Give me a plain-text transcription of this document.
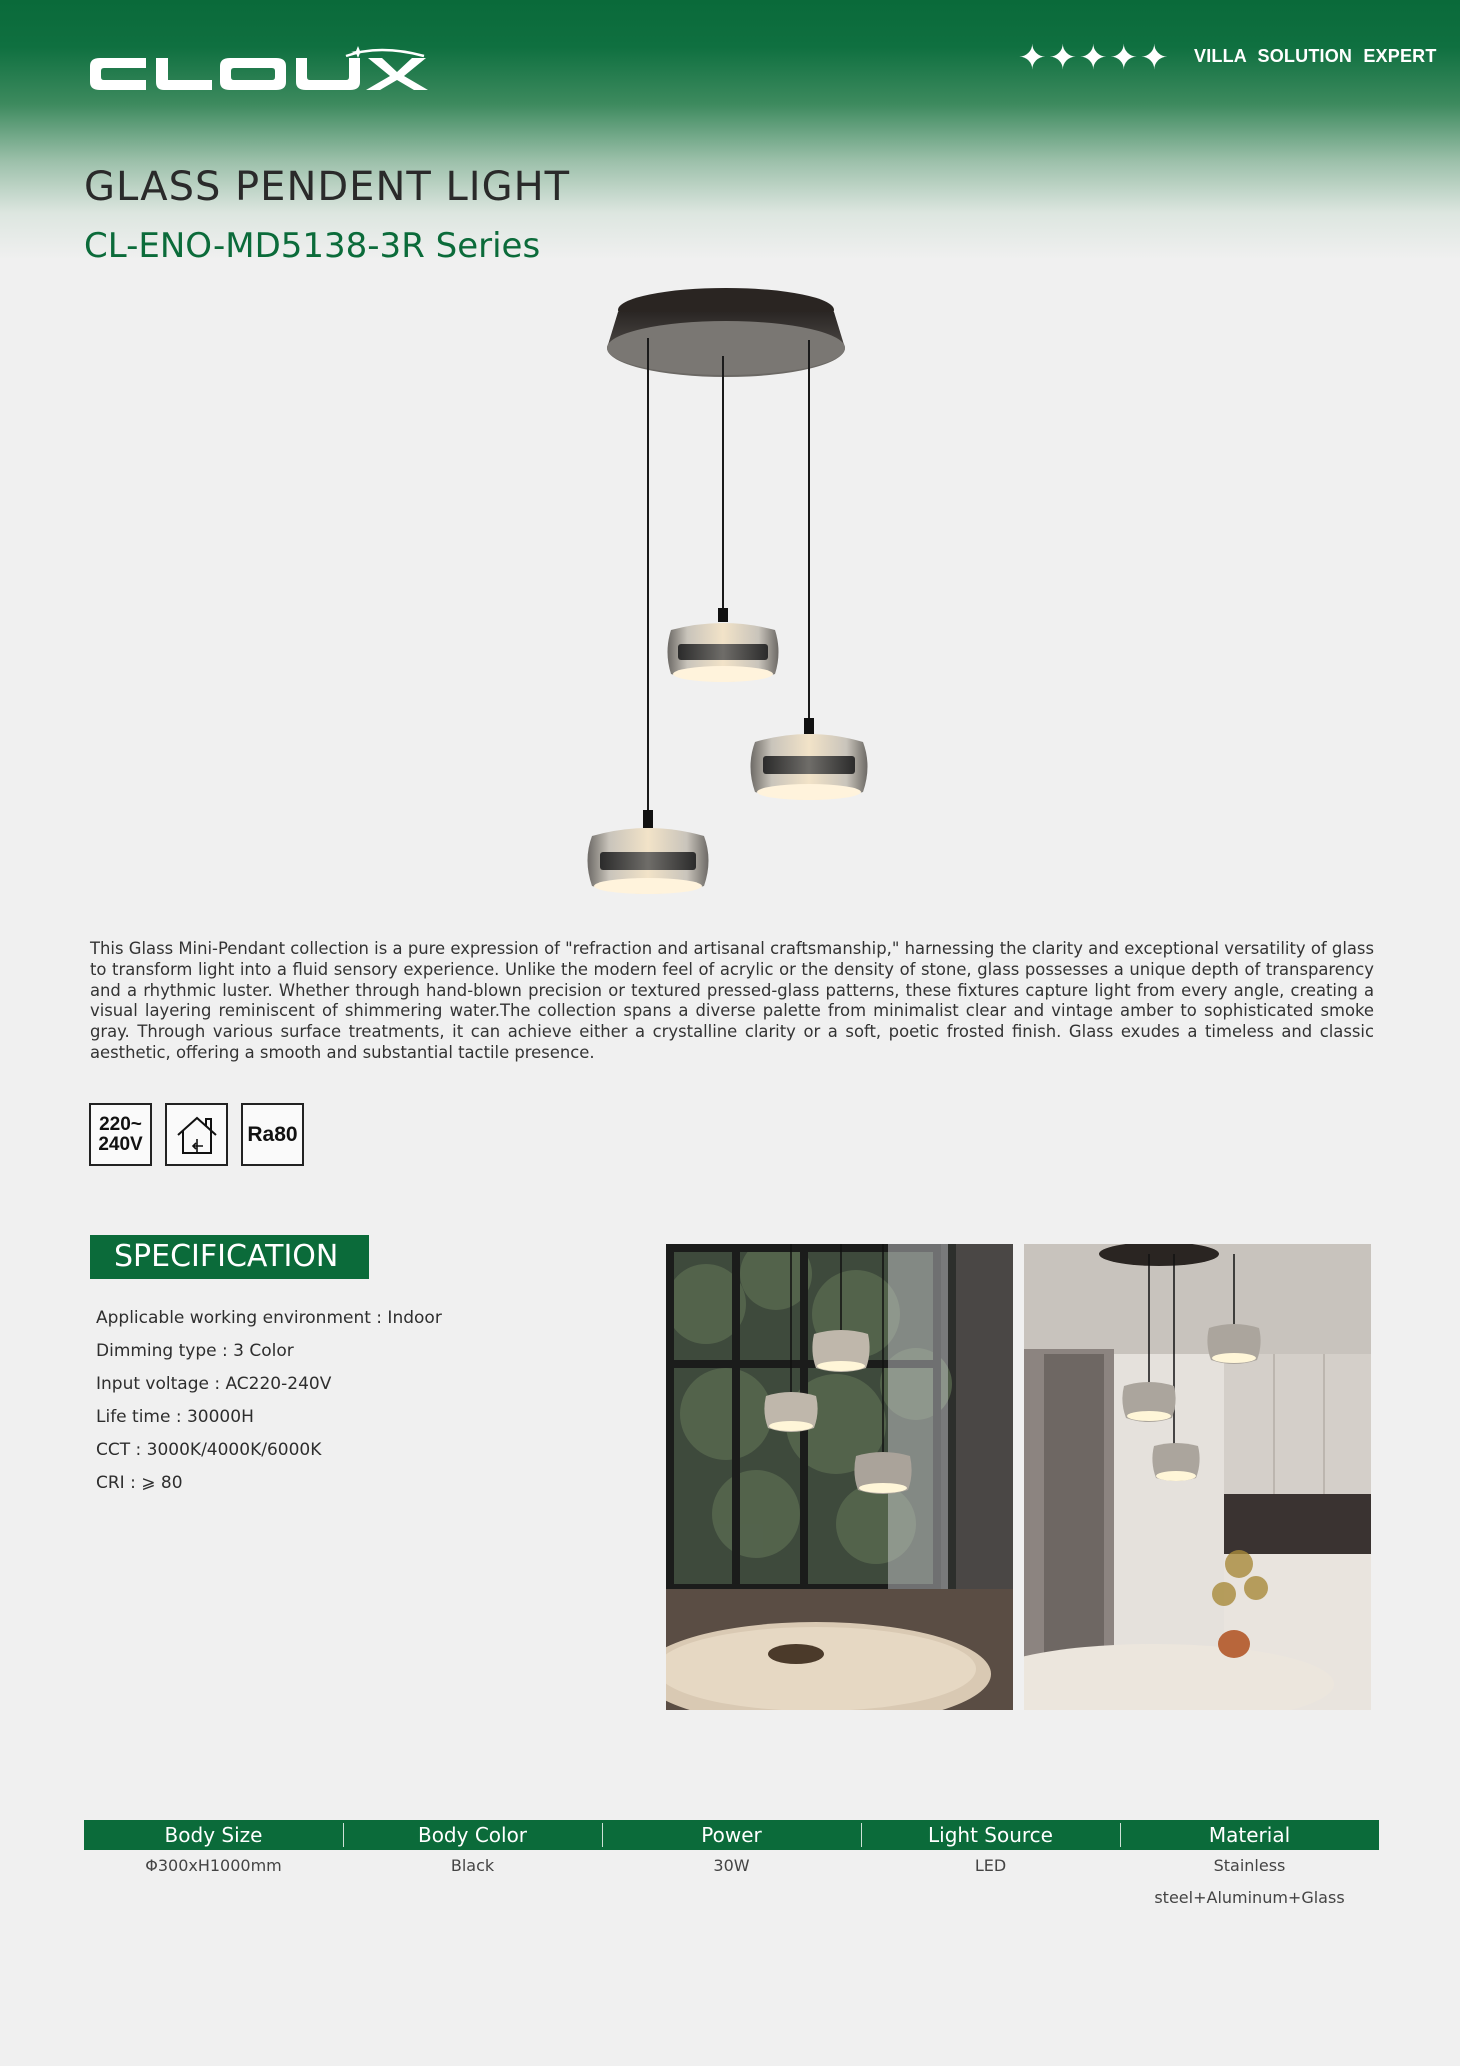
✦ ✦ ✦ ✦ ✦ VILLA SOLUTION EXPERT
GLASS PENDENT LIGHT
CL-ENO-MD5138-3R Series

This Glass Mini-Pendant collection is a pure expression of "refraction and artisanal craftsmanship," harnessing the clarity and exceptional versatility of glass to transform light into a fluid sensory experience. Unlike the modern feel of acrylic or the density of stone, glass possesses a unique depth of transparency and a rhythmic luster. Whether through hand-blown precision or textured pressed-glass patterns, these fixtures capture light from every angle, creating a visual layering reminiscent of shimmering water.The collection spans a diverse palette from minimalist clear and vintage amber to sophisticated smoke gray. Through various surface treatments, it can achieve either a crystalline clarity or a soft, poetic frosted finish. Glass exudes a timeless and classic aesthetic, offering a smooth and substantial tactile presence.

220~
240V	Ra80
SPECIFICATION
Applicable working environment : Indoor
Dimming type : 3 Color
Input voltage : AC220-240V
Life time : 30000H
CCT : 3000K/4000K/6000K
CRI : ⩾ 80
Body Size	Body Color	Power	Light Source	Material
Φ300xH1000mm	Black	30W	LED	Stainless steel+Aluminum+Glass
